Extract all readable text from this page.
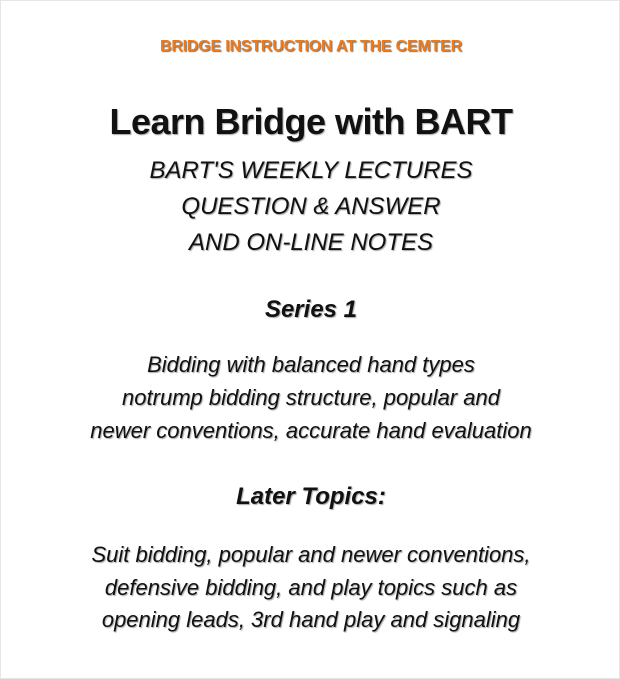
BRIDGE INSTRUCTION AT THE CEMTER
Learn Bridge with BART
BART'S WEEKLY LECTURES
QUESTION & ANSWER
AND ON-LINE NOTES
Series 1
Bidding with balanced hand types
notrump bidding structure, popular and
newer conventions, accurate hand evaluation
Later Topics:
Suit bidding, popular and newer conventions,
defensive bidding, and play topics such as
opening leads, 3rd hand play and signaling
